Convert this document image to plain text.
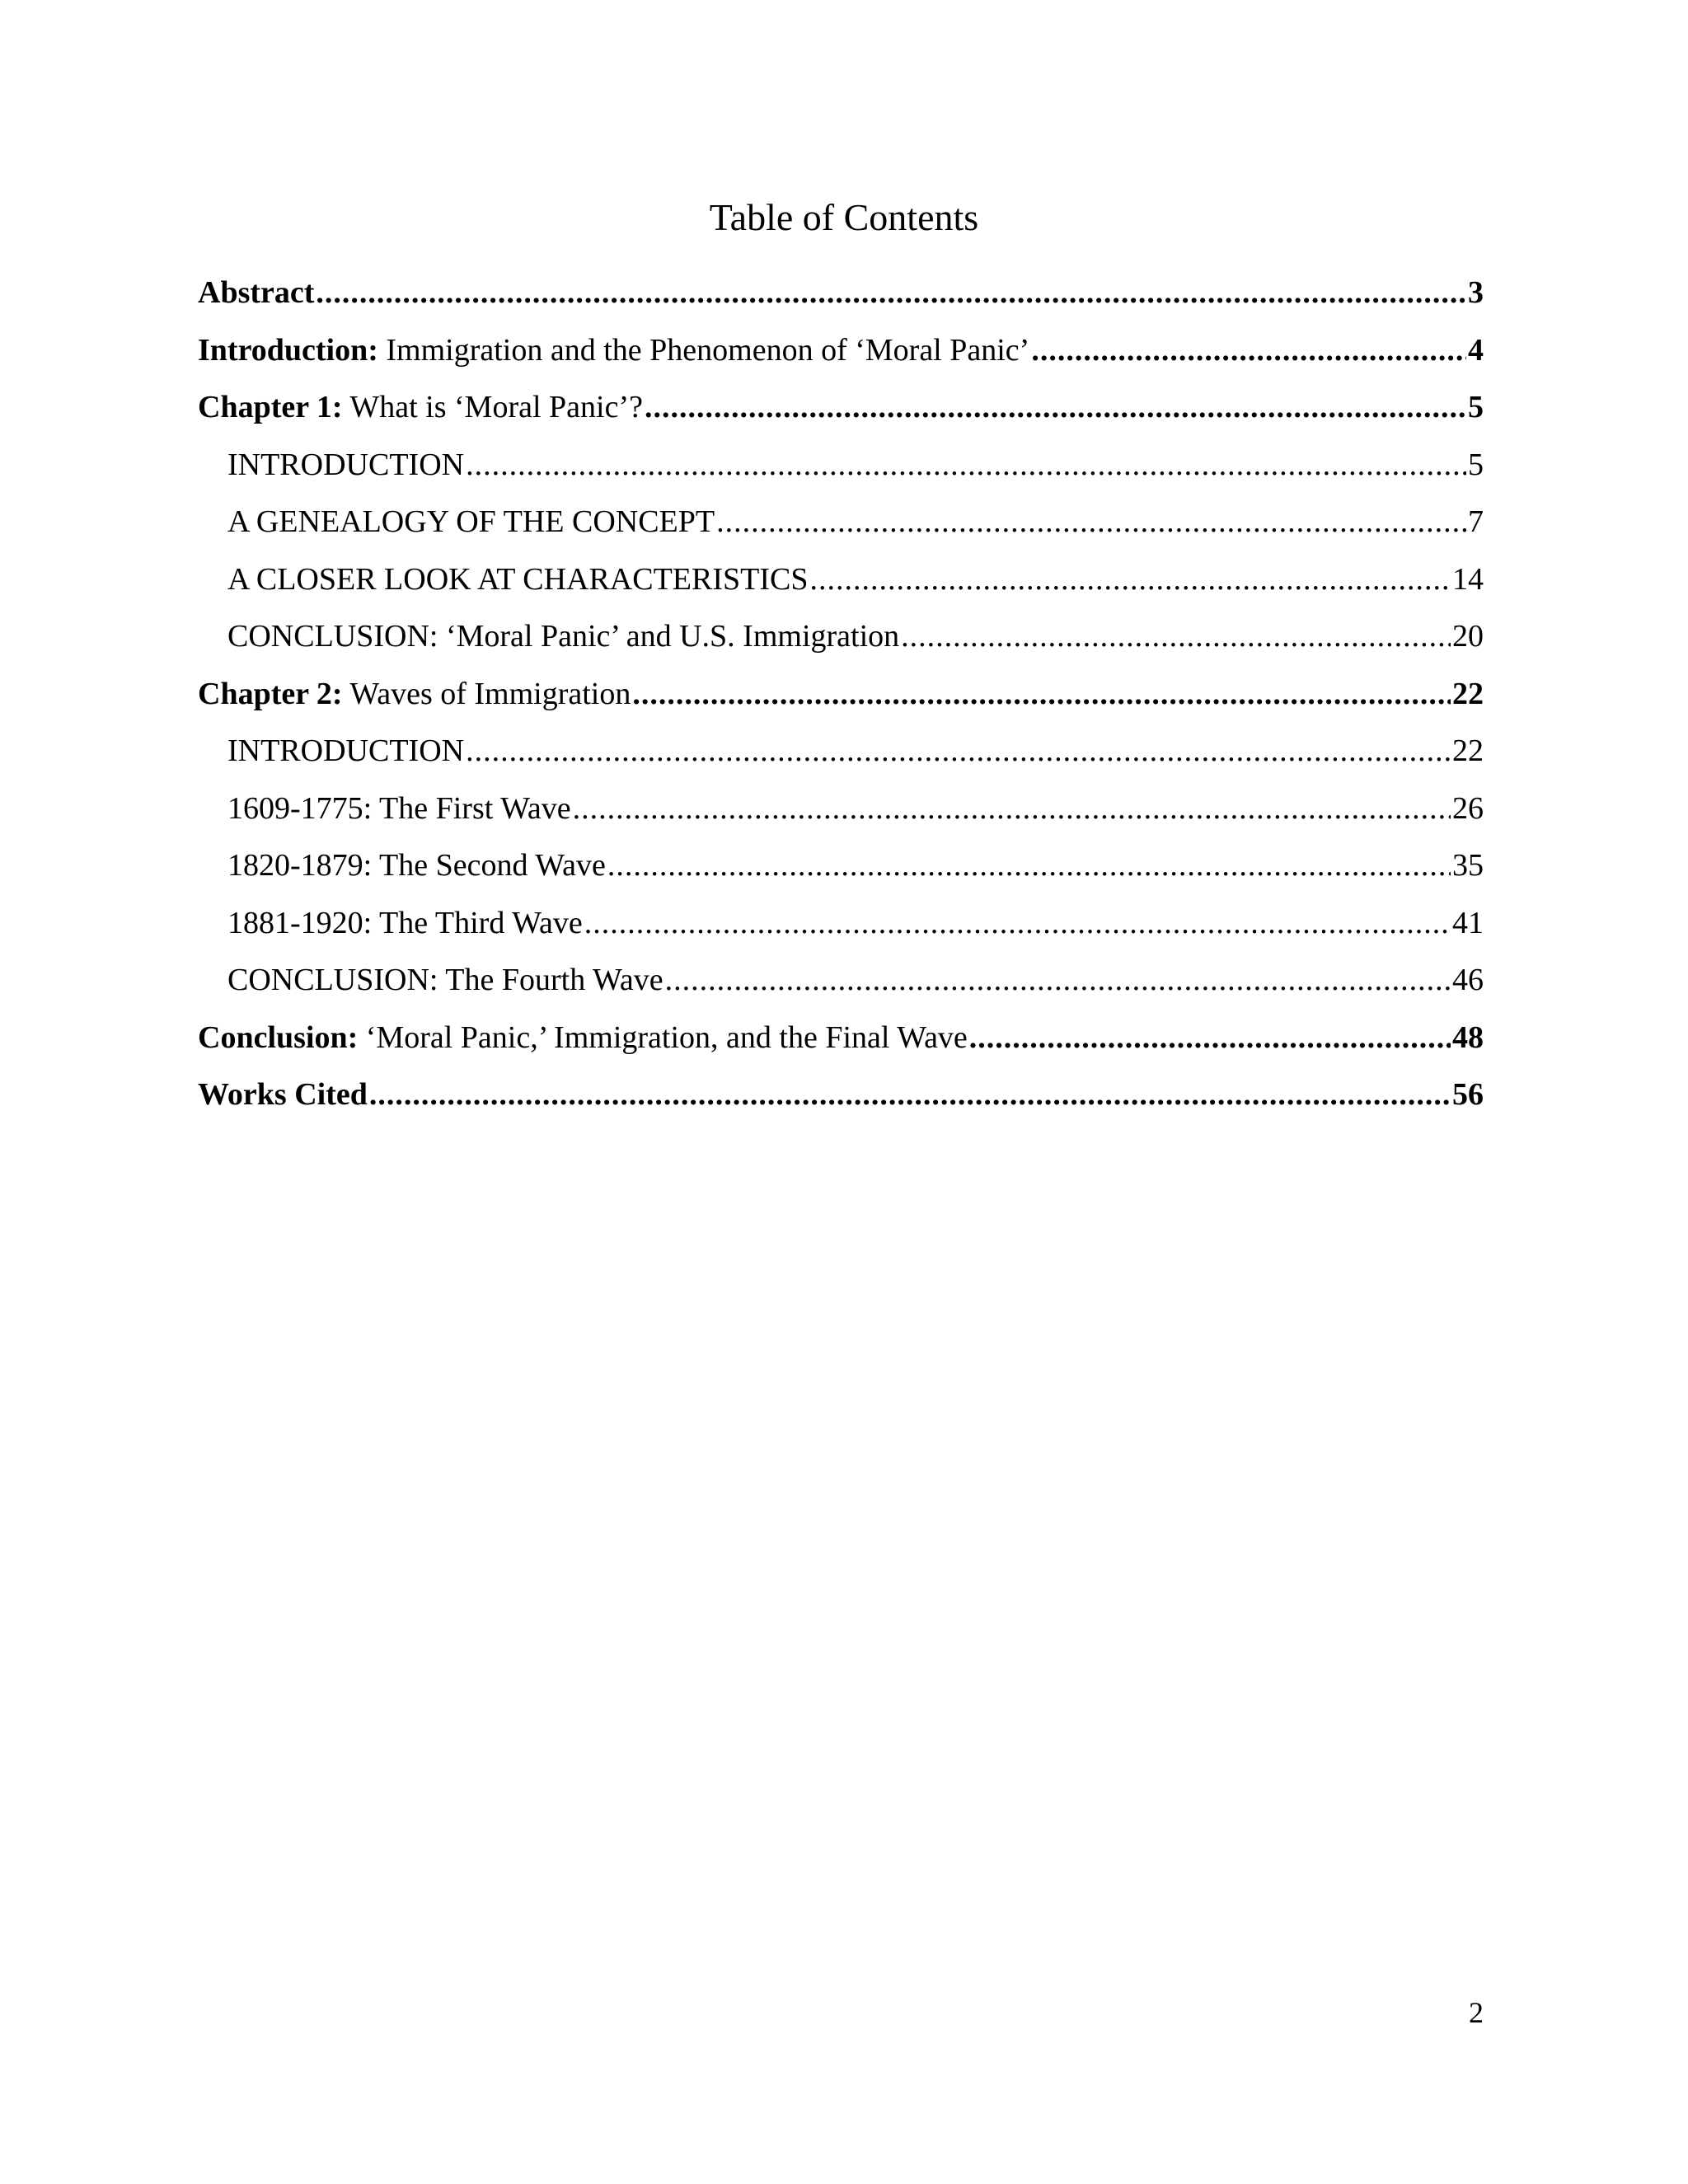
Table of Contents
Abstract .....	3
Introduction: Immigration and the Phenomenon of ‘Moral Panic’ .....	4
Chapter 1: What is ‘Moral Panic’? .....	5
INTRODUCTION .....	5
A GENEALOGY OF THE CONCEPT .....	7
A CLOSER LOOK AT CHARACTERISTICS .....	14
CONCLUSION: ‘Moral Panic’ and U.S. Immigration .....	20
Chapter 2: Waves of Immigration .....	22
INTRODUCTION .....	22
1609-1775: The First Wave .....	26
1820-1879: The Second Wave .....	35
1881-1920: The Third Wave .....	41
CONCLUSION: The Fourth Wave .....	46
Conclusion: ‘Moral Panic,’ Immigration, and the Final Wave .....	48
Works Cited .....	56
2
